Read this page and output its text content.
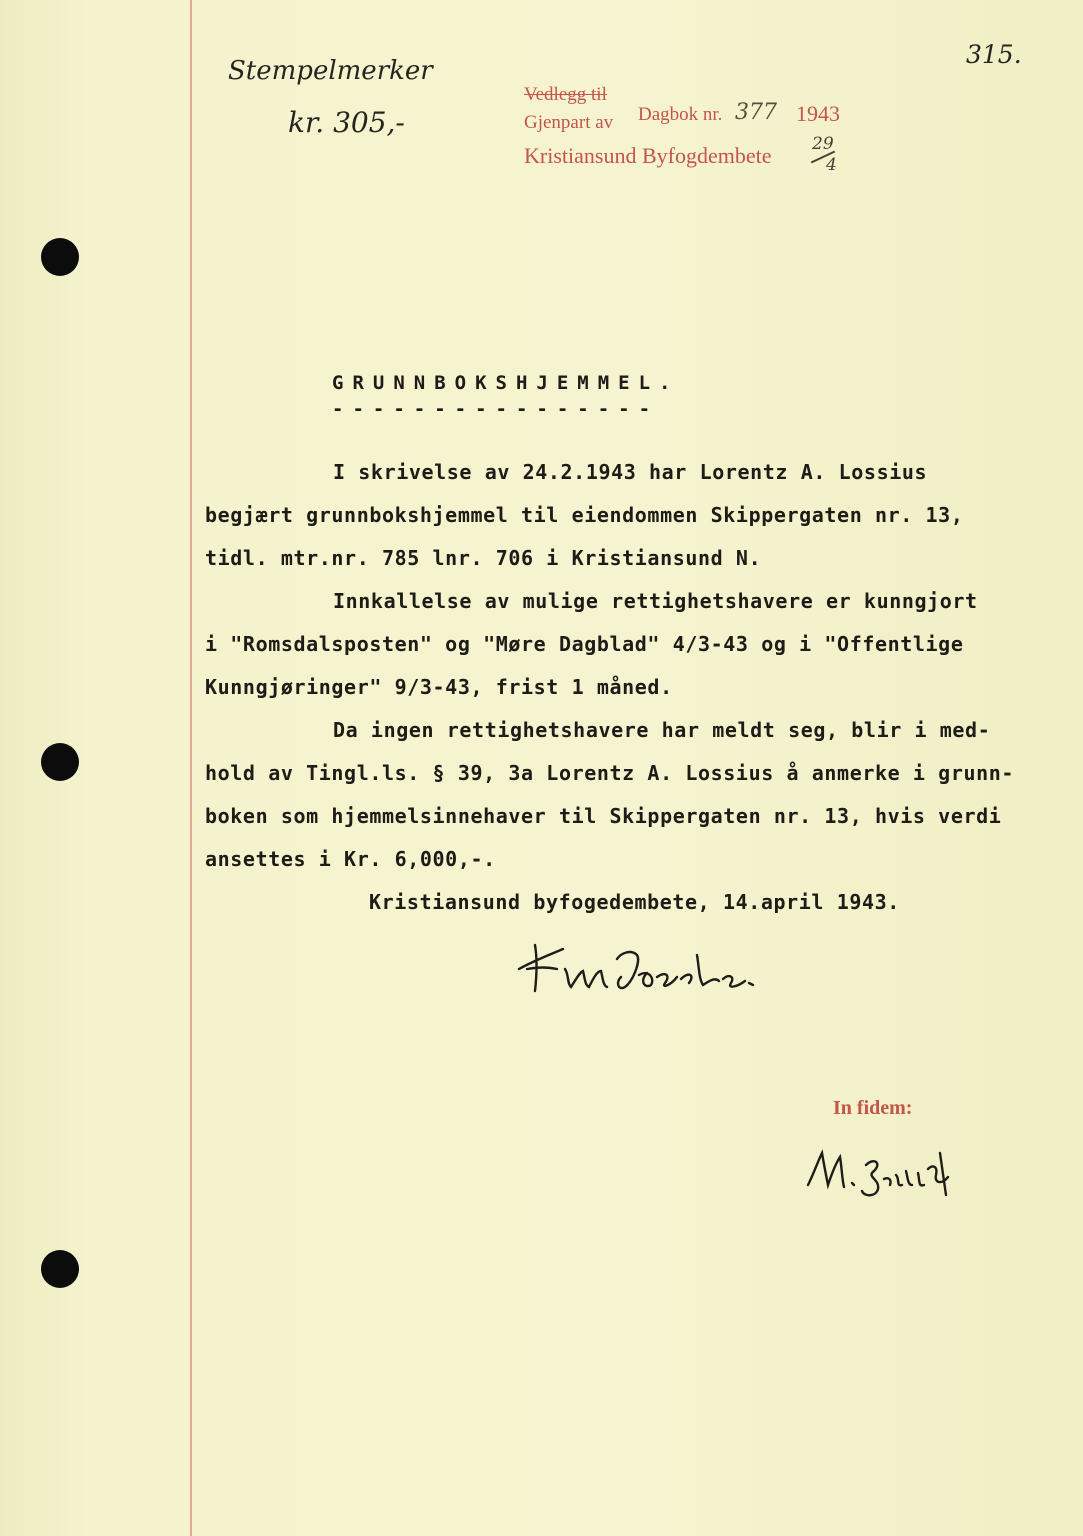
Stempelmerker
kr. 305,-
315.
Vedlegg til
Gjenpart av Dagbok nr. 377 1943
Kristiansund Byfogdembete 29
4
GRUNNBOKSHJEMMEL.
----------------
I skrivelse av 24.2.1943 har Lorentz A. Lossius
begjært grunnbokshjemmel til eiendommen Skippergaten nr. 13,
tidl. mtr.nr. 785 lnr. 706 i Kristiansund N.
Innkallelse av mulige rettighetshavere er kunngjort
i "Romsdalsposten" og "Møre Dagblad" 4/3-43 og i "Offentlige
Kunngjøringer" 9/3-43, frist 1 måned.
Da ingen rettighetshavere har meldt seg, blir i med-
hold av Tingl.ls. § 39, 3a Lorentz A. Lossius å anmerke i grunn-
boken som hjemmelsinnehaver til Skippergaten nr. 13, hvis verdi
ansettes i Kr. 6,000,-.
Kristiansund byfogedembete, 14.april 1943.
In fidem:
